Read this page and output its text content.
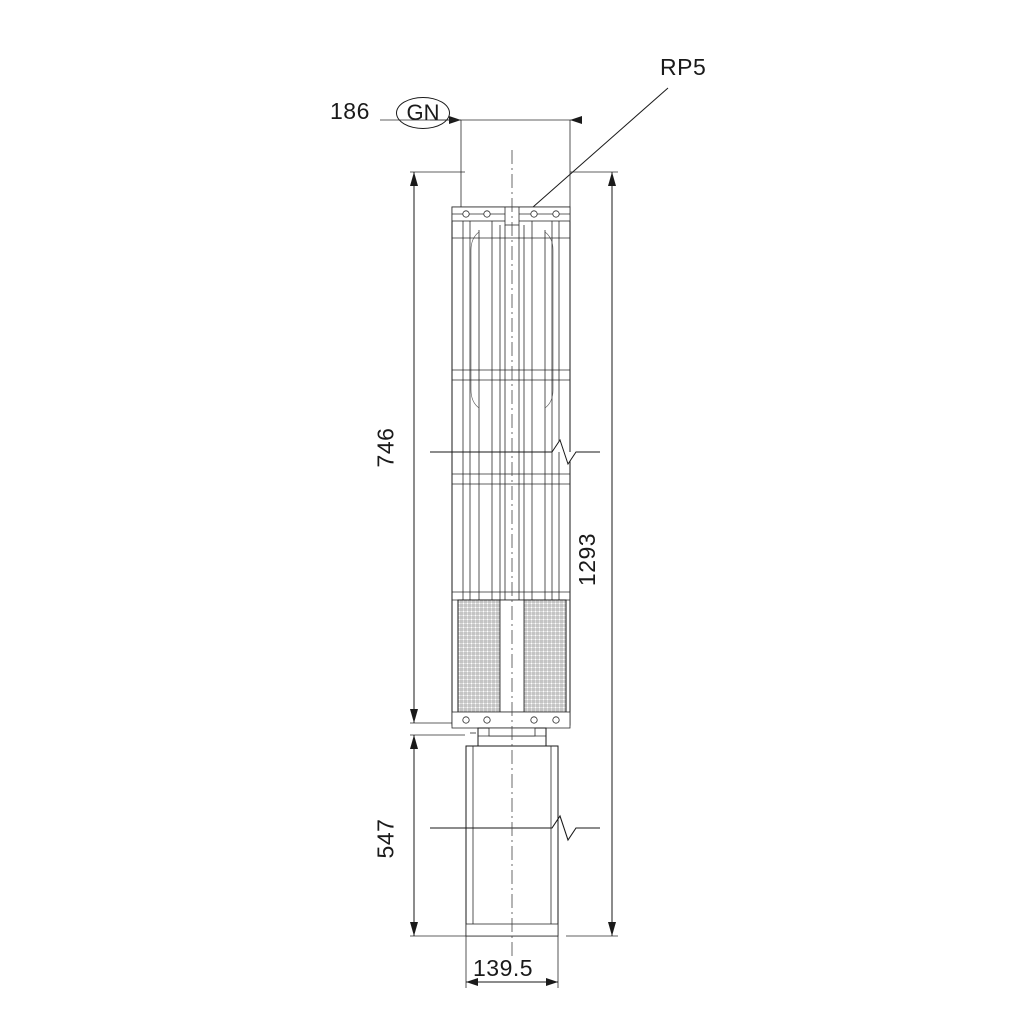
186	GN
RP5
746
547
1293
139.5
